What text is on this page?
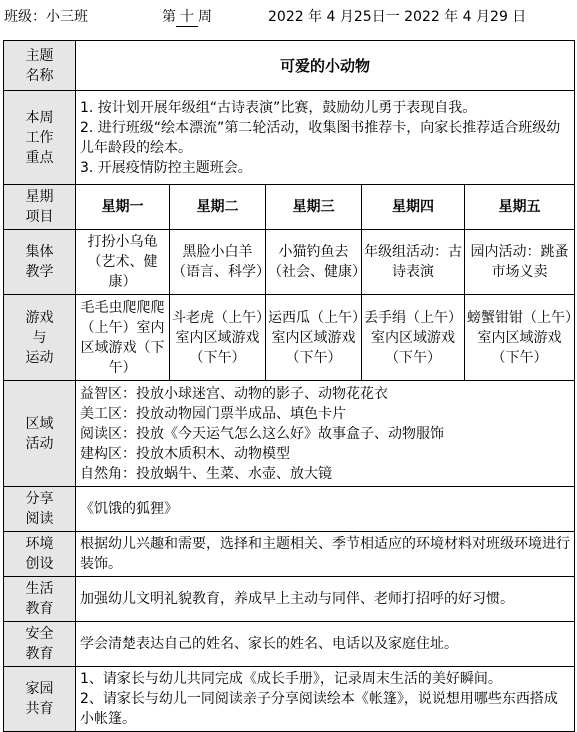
班级：小三班	第 十 周	2022 年 4 月25日一 2022 年 4 月29 日
主题
名称	可爱的小动物				
本周
工作
重点	1. 按计划开展年级组“古诗表演”比赛，鼓励幼儿勇于表现自我。
2. 进行班级“绘本漂流”第二轮活动，收集图书推荐卡，向家长推荐适合班级幼儿年龄段的绘本。
3. 开展疫情防控主题班会。				

星期
项目	星期一	星期二	星期三	星期四	星期五
集体
教学	打扮小乌龟（艺术、健康）	黑脸小白羊（语言、科学）	小猫钓鱼去（社会、健康）	年级组活动：古诗表演	园内活动：跳蚤市场义卖
游戏
与
运动	毛毛虫爬爬爬（上午）室内区域游戏（下午）	斗老虎（上午）室内区域游戏（下午）	运西瓜（上午）室内区域游戏（下午）	丢手绢（上午）室内区域游戏（下午）	螃蟹钳钳（上午）室内区域游戏（下午）
区域
活动	益智区：投放小球迷宫、动物的影子、动物花花衣
美工区：投放动物园门票半成品、填色卡片
阅读区：投放《今天运气怎么这么好》故事盒子、动物服饰
建构区：投放木质积木、动物模型
自然角：投放蜗牛、生菜、水壶、放大镜				

分享
阅读	《饥饿的狐狸》				
环境
创设	根据幼儿兴趣和需要，选择和主题相关、季节相适应的环境材料对班级环境进行装饰。				
生活
教育	加强幼儿文明礼貌教育，养成早上主动与同伴、老师打招呼的好习惯。				
安全
教育	学会清楚表达自己的姓名、家长的姓名、电话以及家庭住址。				
家园
共育	1、请家长与幼儿共同完成《成长手册》，记录周末生活的美好瞬间。
2、请家长与幼儿一同阅读亲子分享阅读绘本《帐篷》，说说想用哪些东西搭成小帐篷。				
